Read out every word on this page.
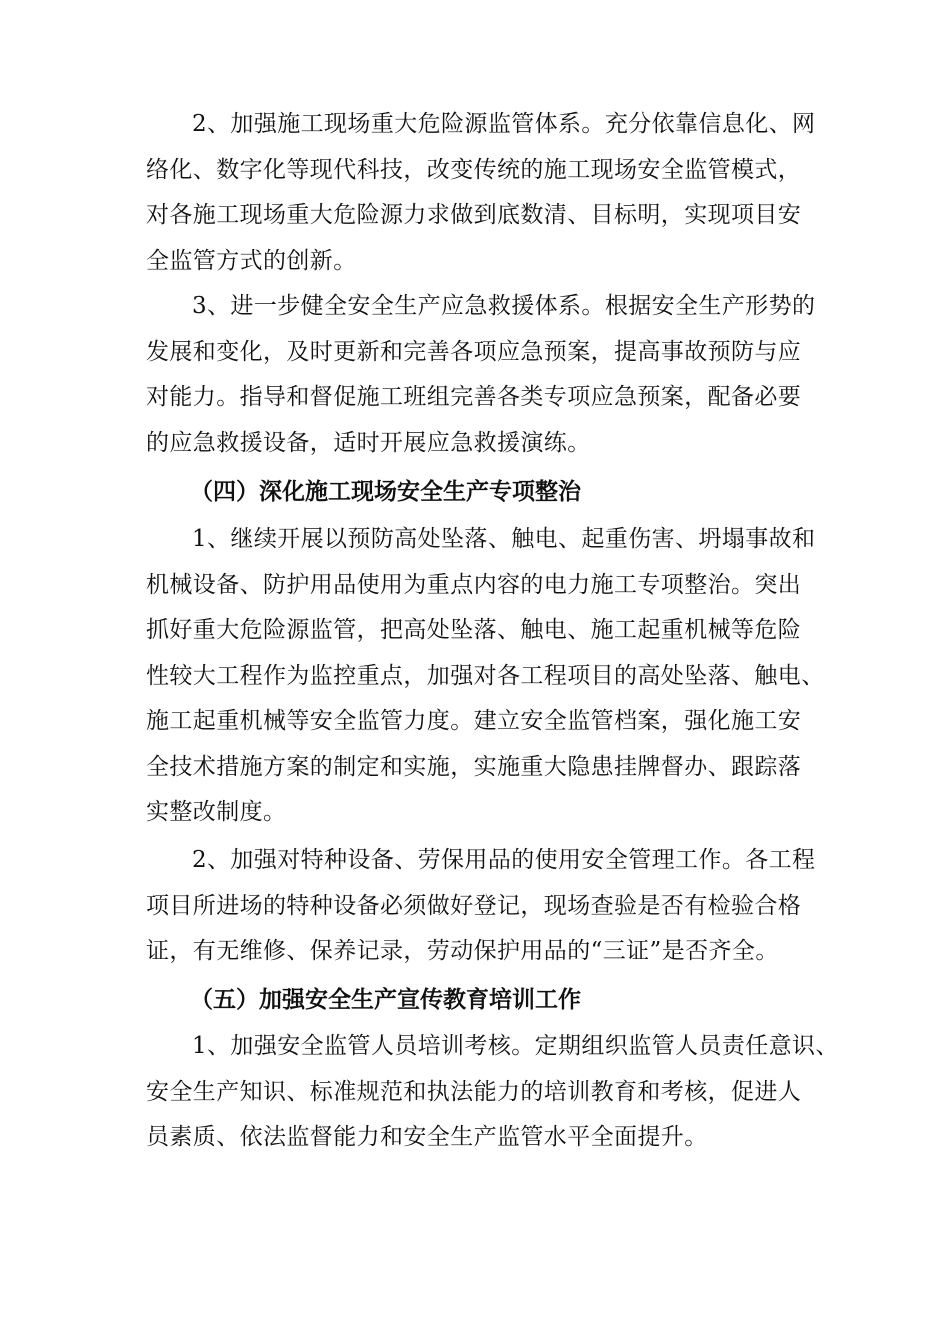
2、加强施工现场重大危险源监管体系。充分依靠信息化、网
络化、数字化等现代科技，改变传统的施工现场安全监管模式，
对各施工现场重大危险源力求做到底数清、目标明，实现项目安
全监管方式的创新。
3、进一步健全安全生产应急救援体系。根据安全生产形势的
发展和变化，及时更新和完善各项应急预案，提高事故预防与应
对能力。指导和督促施工班组完善各类专项应急预案，配备必要
的应急救援设备，适时开展应急救援演练。
（四）深化施工现场安全生产专项整治
1、继续开展以预防高处坠落、触电、起重伤害、坍塌事故和
机械设备、防护用品使用为重点内容的电力施工专项整治。突出
抓好重大危险源监管，把高处坠落、触电、施工起重机械等危险
性较大工程作为监控重点，加强对各工程项目的高处坠落、触电、
施工起重机械等安全监管力度。建立安全监管档案，强化施工安
全技术措施方案的制定和实施，实施重大隐患挂牌督办、跟踪落
实整改制度。
2、加强对特种设备、劳保用品的使用安全管理工作。各工程
项目所进场的特种设备必须做好登记，现场查验是否有检验合格
证，有无维修、保养记录，劳动保护用品的“三证”是否齐全。
（五）加强安全生产宣传教育培训工作
1、加强安全监管人员培训考核。定期组织监管人员责任意识、
安全生产知识、标准规范和执法能力的培训教育和考核，促进人
员素质、依法监督能力和安全生产监管水平全面提升。
